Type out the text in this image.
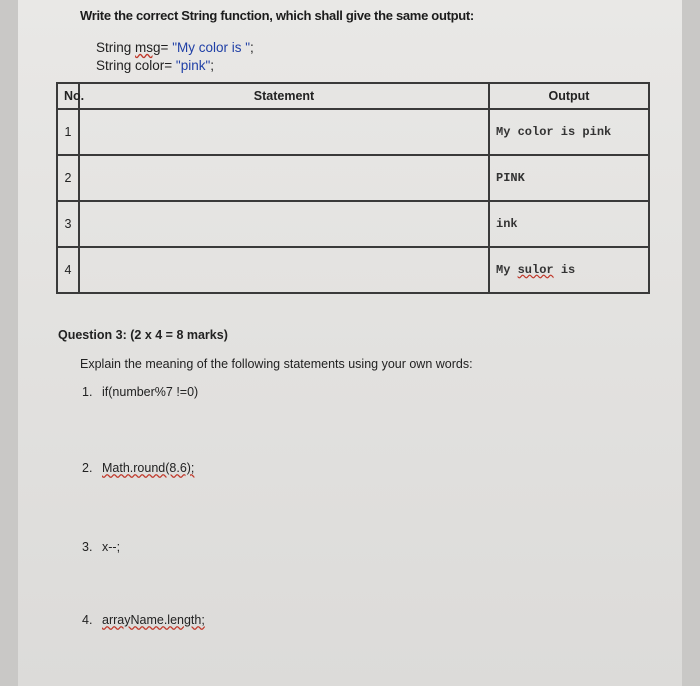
Write the correct String function, which shall give the same output:
String msg= "My color is ";
String color= "pink";
No.	Statement	Output
1		My color is pink
2		PINK
3		ink
4		My sulor is
Question 3: (2 x 4 = 8 marks)
Explain the meaning of the following statements using your own words:
1. if(number%7 !=0)
2. Math.round(8.6);
3. x--;
4. arrayName.length;
